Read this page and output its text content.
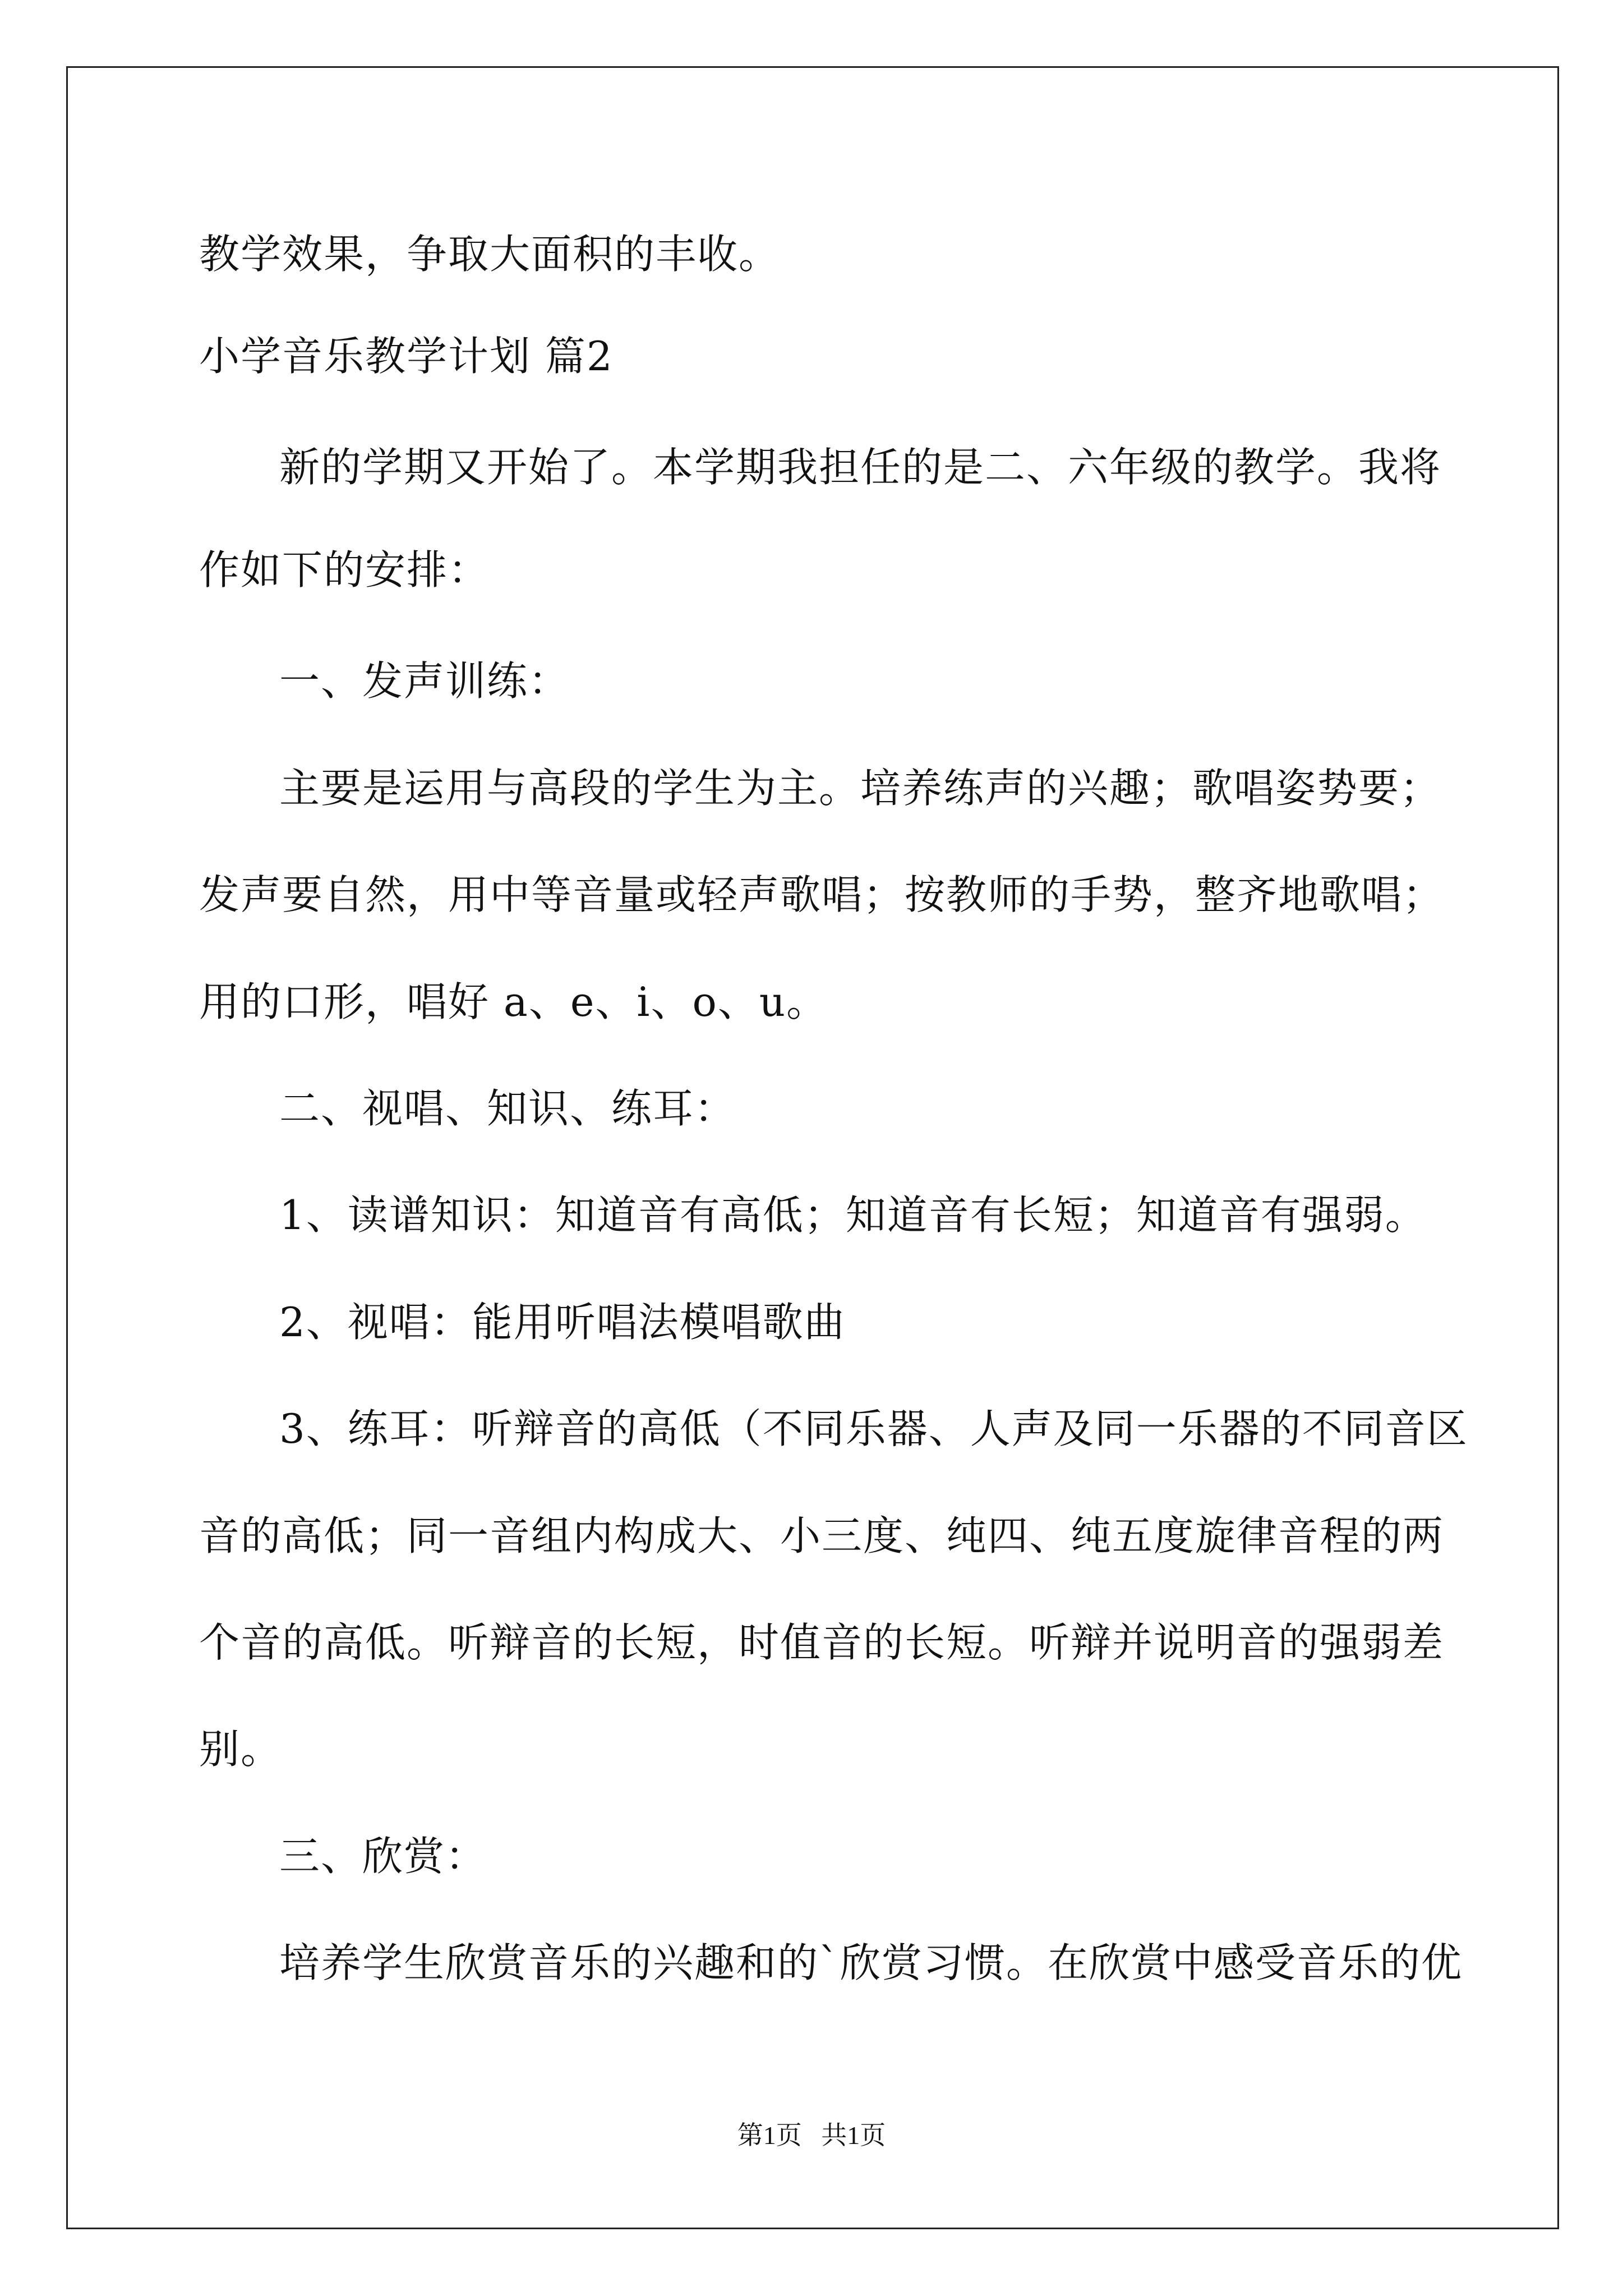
教学效果，争取大面积的丰收。
小学音乐教学计划 篇2
新的学期又开始了。本学期我担任的是二、六年级的教学。我将
作如下的安排：
一、发声训练：
主要是运用与高段的学生为主。培养练声的兴趣；歌唱姿势要；
发声要自然，用中等音量或轻声歌唱；按教师的手势，整齐地歌唱；
用的口形，唱好 a、e、i、o、u。
二、视唱、知识、练耳：
1、读谱知识：知道音有高低；知道音有长短；知道音有强弱。
2、视唱：能用听唱法模唱歌曲
3、练耳：听辩音的高低（不同乐器、人声及同一乐器的不同音区
音的高低；同一音组内构成大、小三度、纯四、纯五度旋律音程的两
个音的高低。听辩音的长短，时值音的长短。听辩并说明音的强弱差
别。
三、欣赏：
培养学生欣赏音乐的兴趣和的`欣赏习惯。在欣赏中感受音乐的优
第1页   共1页
